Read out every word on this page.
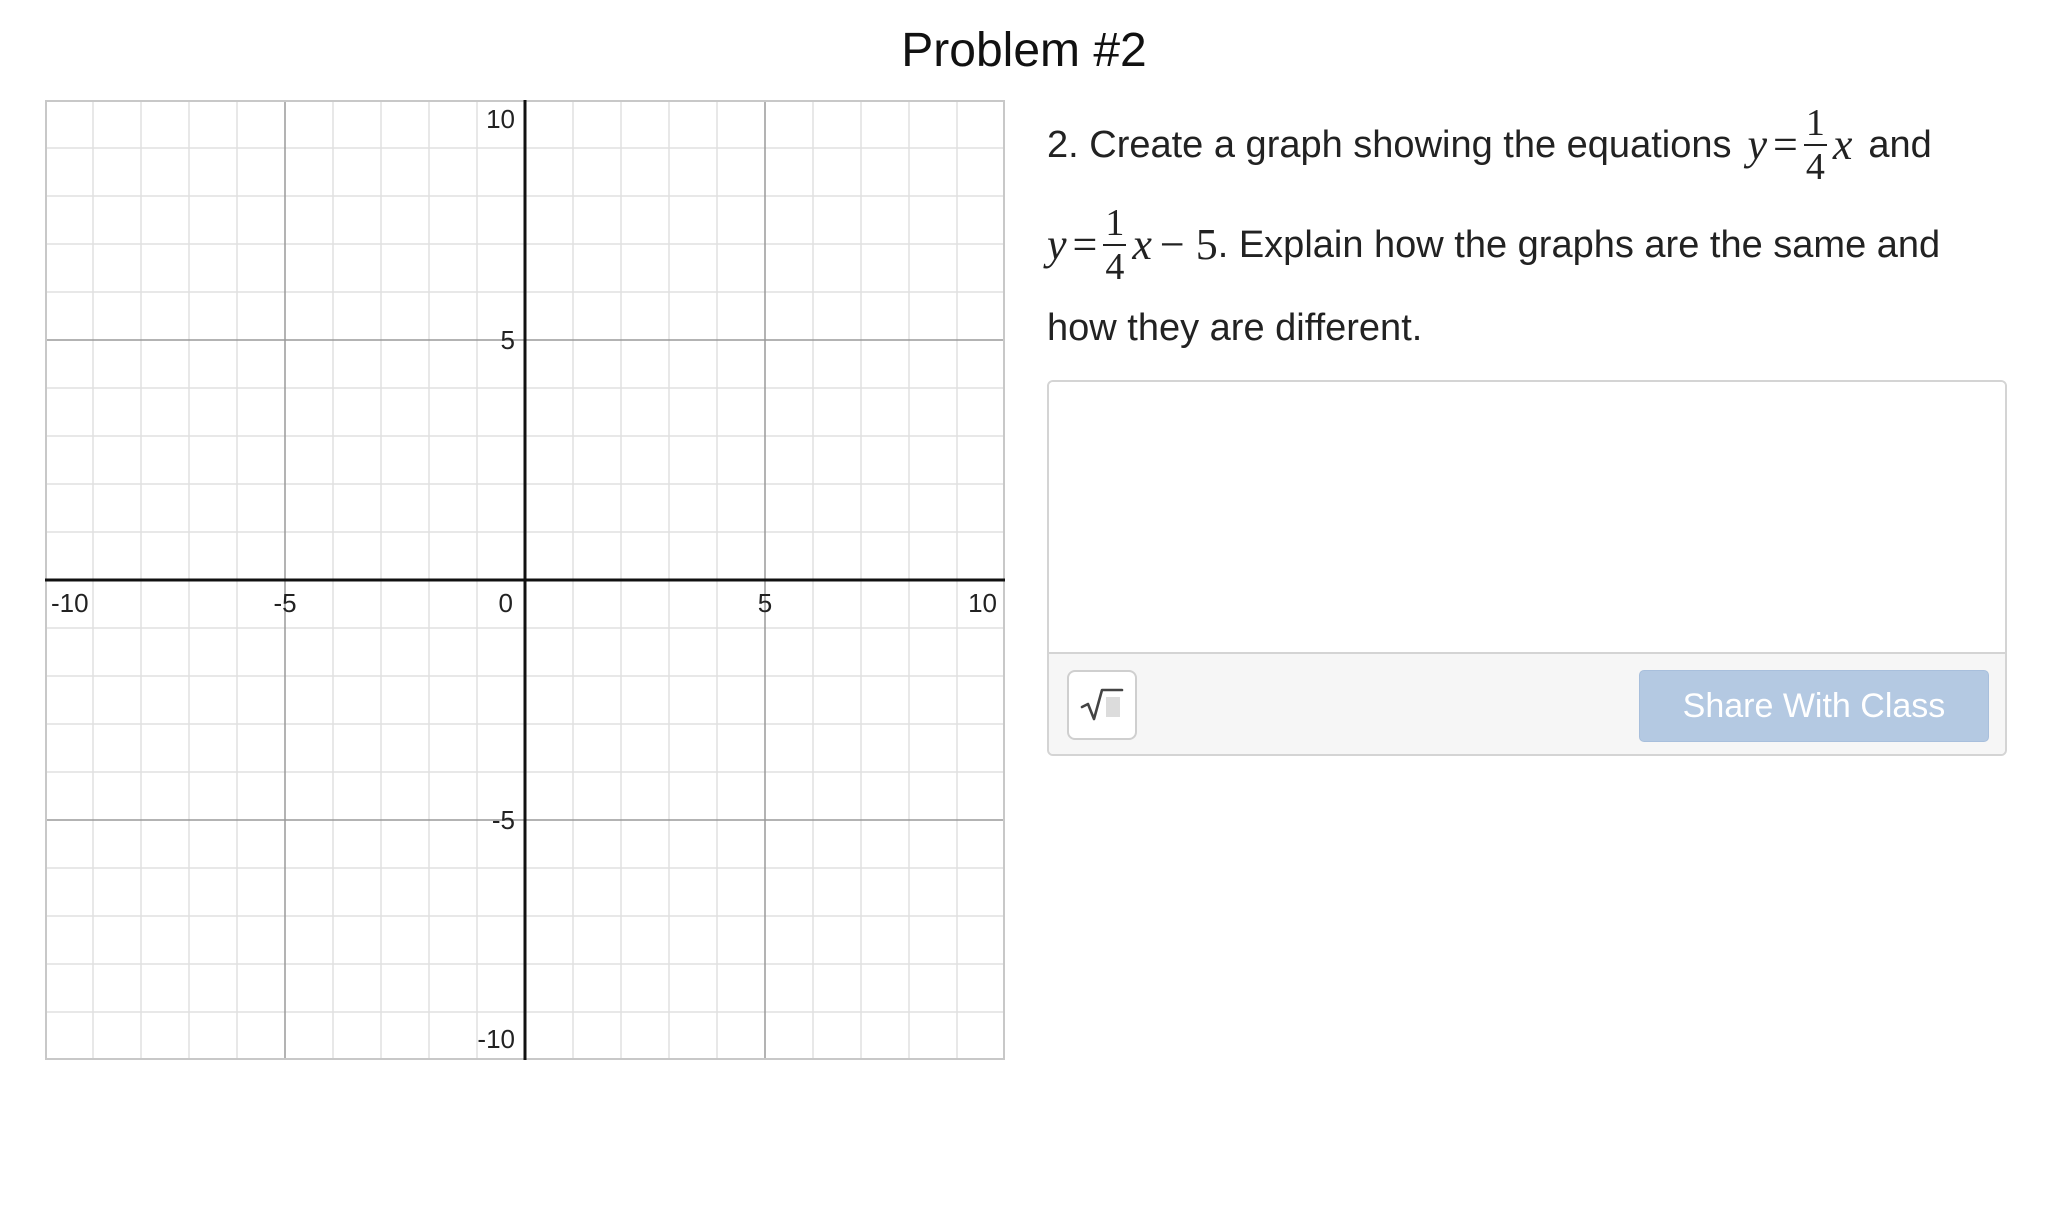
Problem #2
-10	-5	0	5	10
10
5
-5
-10
2. Create a graph showing the equations $y = \frac{1}{4}$ x and
$y = \frac{1}{4}$ x − 5 . Explain how the graphs are the same and
how they are different.
Share With Class
